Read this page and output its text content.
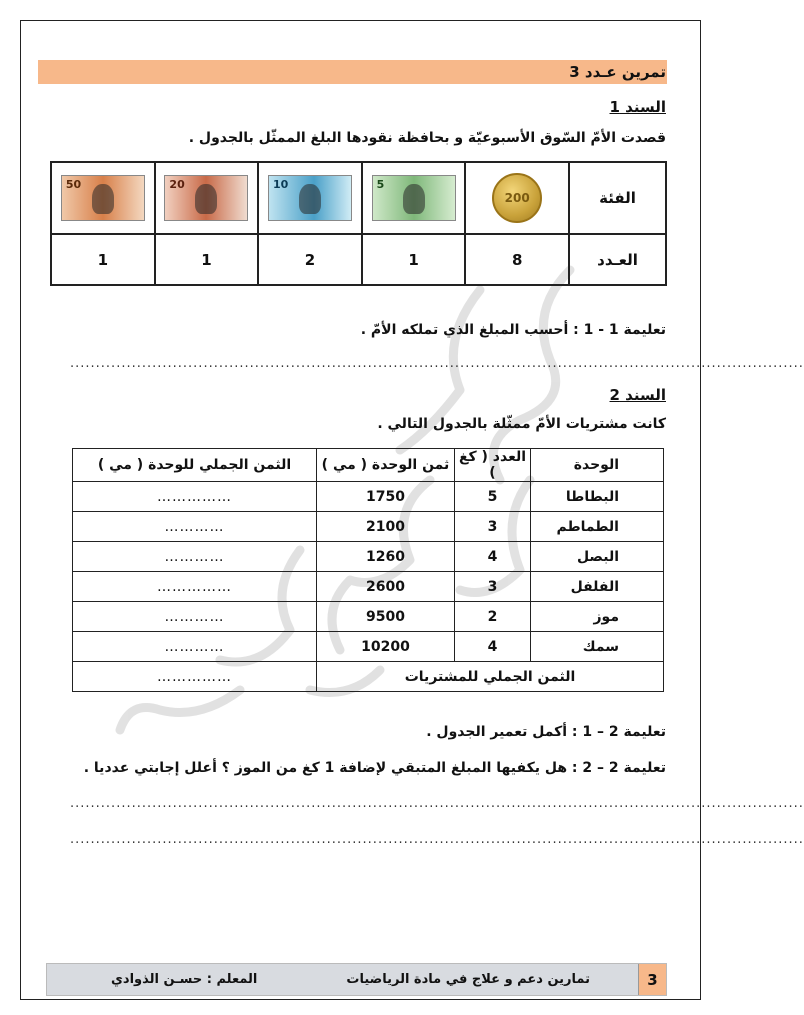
تمرين عـدد 3
السند 1
قصدت الأمّ السّوق الأسبوعيّة و بحافظة نقودها البلغ الممثّل بالجدول .
الفئة	200	5	10	20	50

العـدد	8	1	2	1	1
تعليمة 1 - 1 : أحسب المبلغ الذي تملكه الأمّ .
...............................................................................................................................................
السند 2
كانت مشتريات الأمّ ممثّلة بالجدول التالي .
الوحدة	العدد ( كغ )	ثمن الوحدة ( مي )	الثمن الجملي للوحدة ( مي )
البطاطا	5	1750	……………
الطماطم	3	2100	…………
البصل	4	1260	…………
الفلفل	3	2600	……………
موز	2	9500	…………
سمك	4	10200	…………
الثمن الجملي للمشتريات			……………
تعليمة 2 – 1 : أكمل تعمير الجدول .
تعليمة 2 – 2 : هل يكفيها المبلغ المتبقي لإضافة 1 كغ من الموز ؟ أعلل إجابتي عدديا .
...............................................................................................................................................
...............................................................................................................................................
3
تمارين دعم و علاج في مادة الرياضيات
المعلم : حسـن الذوادي
